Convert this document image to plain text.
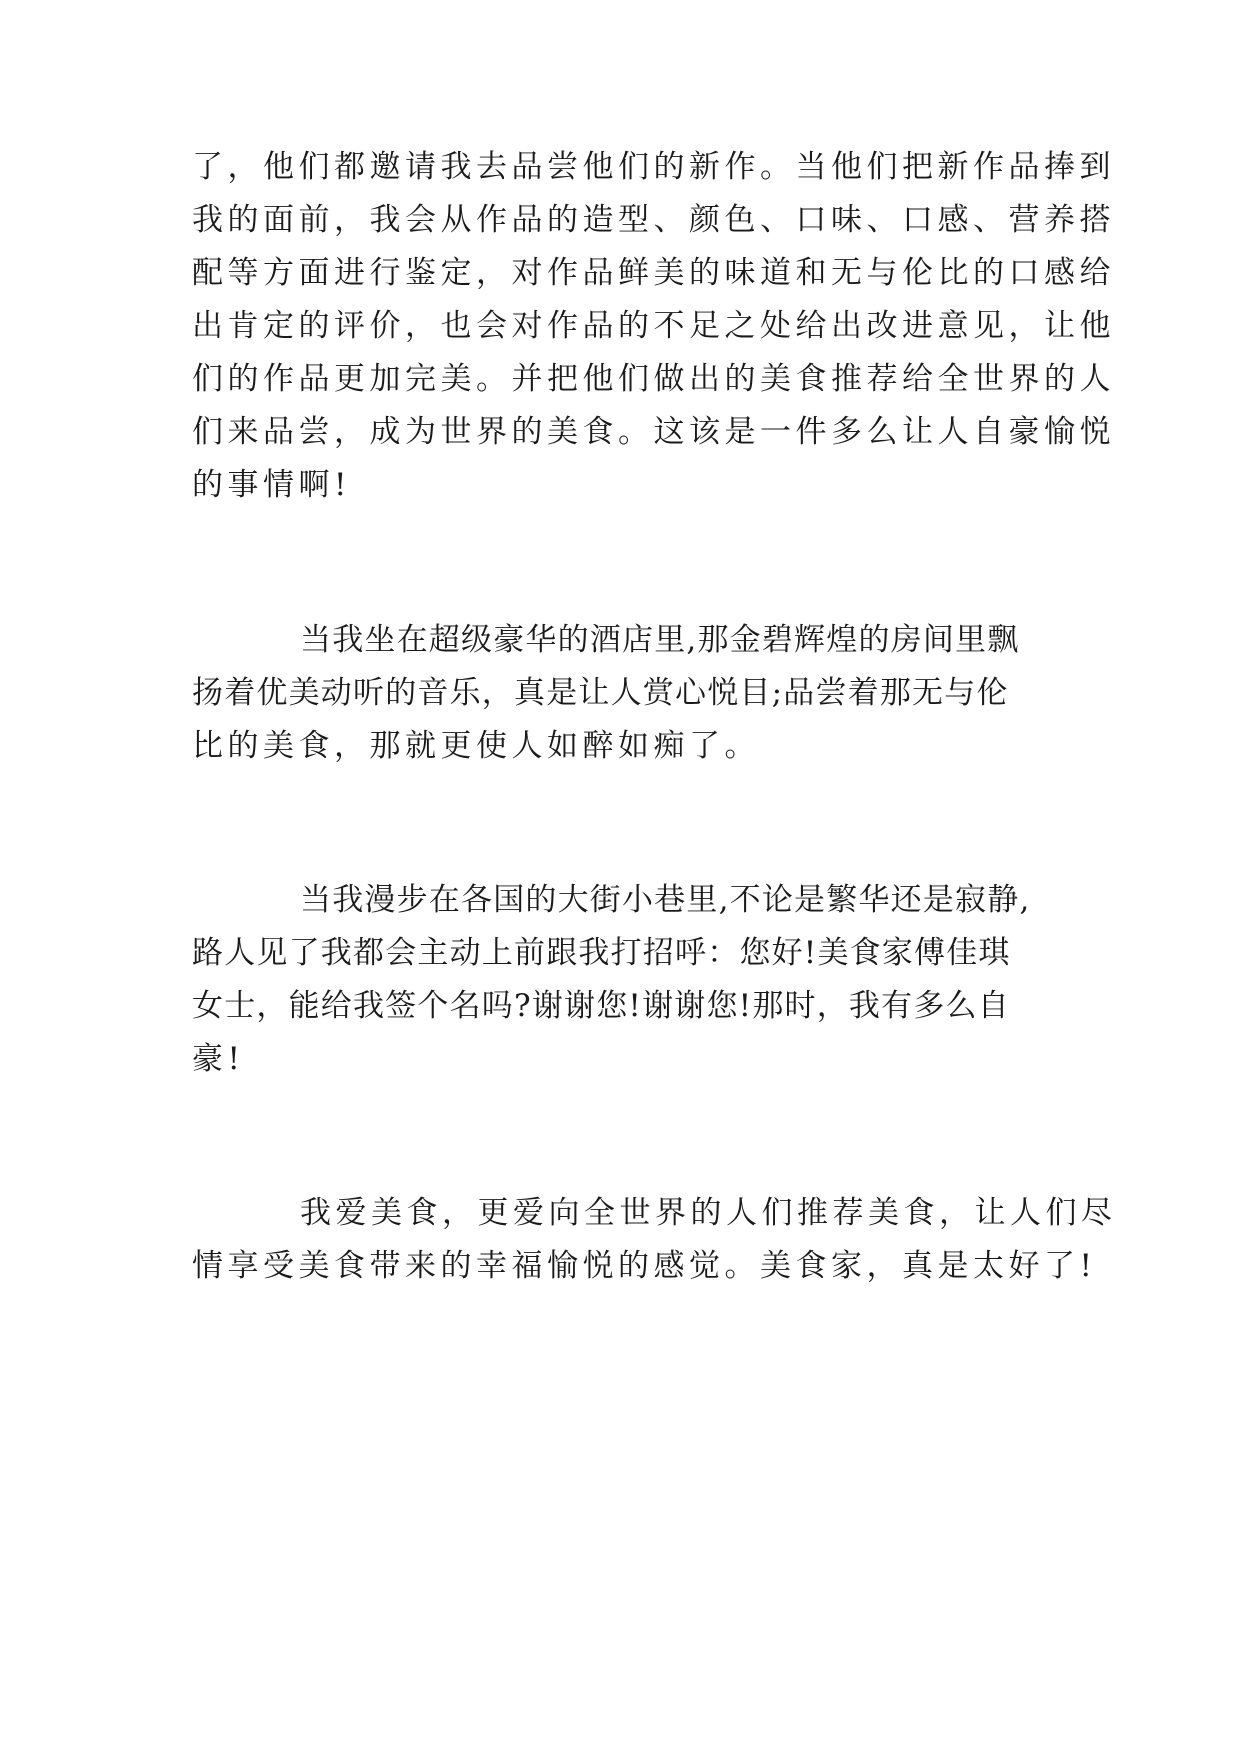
了，他们都邀请我去品尝他们的新作。当他们把新作品捧到
我的面前，我会从作品的造型、颜色、口味、口感、营养搭
配等方面进行鉴定，对作品鲜美的味道和无与伦比的口感给
出肯定的评价，也会对作品的不足之处给出改进意见，让他
们的作品更加完美。并把他们做出的美食推荐给全世界的人
们来品尝，成为世界的美食。这该是一件多么让人自豪愉悦
的事情啊!
当我坐在超级豪华的酒店里,那金碧辉煌的房间里飘
扬着优美动听的音乐，真是让人赏心悦目;品尝着那无与伦
比的美食，那就更使人如醉如痴了。
当我漫步在各国的大街小巷里,不论是繁华还是寂静,
路人见了我都会主动上前跟我打招呼：您好!美食家傅佳琪
女士，能给我签个名吗?谢谢您!谢谢您!那时，我有多么自
豪!
我爱美食，更爱向全世界的人们推荐美食，让人们尽
情享受美食带来的幸福愉悦的感觉。美食家，真是太好了!
